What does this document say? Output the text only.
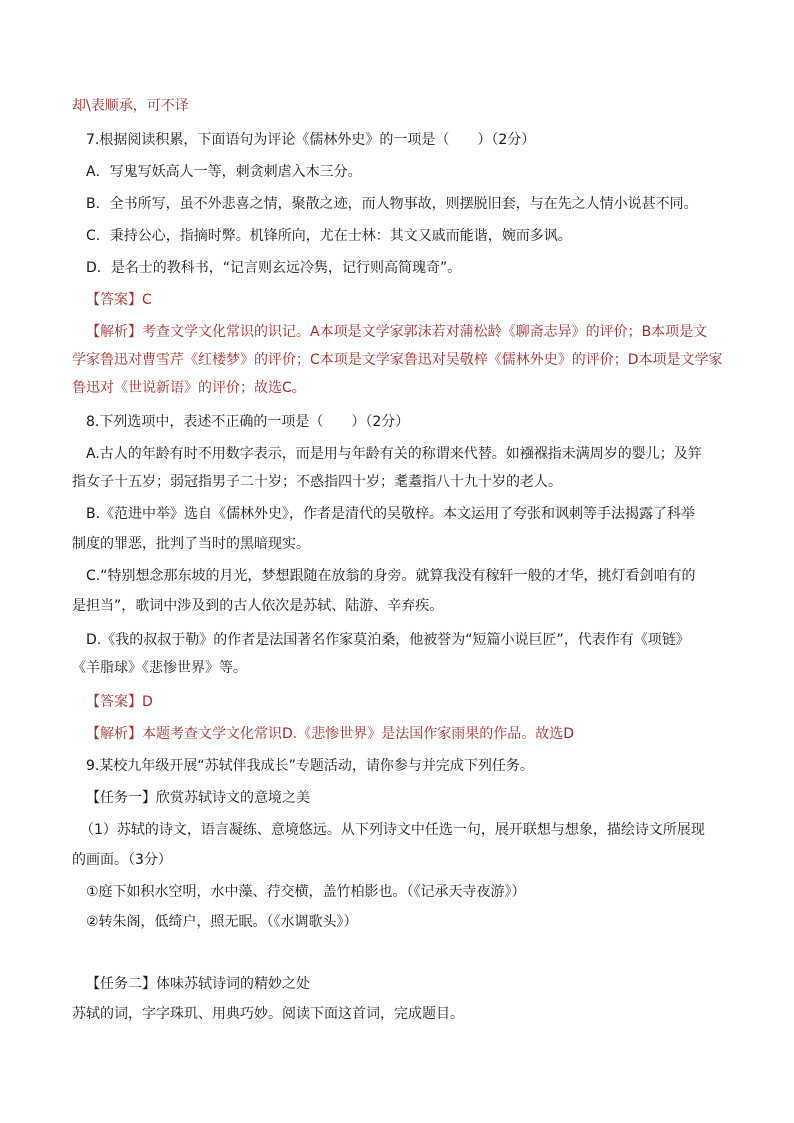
却\表顺承，可不译
7.根据阅读积累，下面语句为评论《儒林外史》的一项是（　　）（2分）
A．写鬼写妖高人一等，刺贪刺虐入木三分。
B．全书所写，虽不外悲喜之情，聚散之迹，而人物事故，则摆脱旧套，与在先之人情小说甚不同。
C．秉持公心，指摘时弊。机锋所向，尤在士林：其文又戚而能谐，婉而多讽。
D．是名士的教科书，“记言则玄远冷隽，记行则高简瑰奇”。
【答案】C
【解析】考查文学文化常识的识记。A本项是文学家郭沫若对蒲松龄《聊斋志异》的评价；B本项是文
学家鲁迅对曹雪芹《红楼梦》的评价；C本项是文学家鲁迅对吴敬梓《儒林外史》的评价；D本项是文学家
鲁迅对《世说新语》的评价；故选C。
8.下列选项中，表述不正确的一项是（　　）（2分）
A.古人的年龄有时不用数字表示，而是用与年龄有关的称谓来代替。如襁褓指未满周岁的婴儿；及笄
指女子十五岁；弱冠指男子二十岁；不惑指四十岁；耄耋指八十九十岁的老人。
B.《范进中举》选自《儒林外史》，作者是清代的吴敬梓。本文运用了夸张和讽刺等手法揭露了科举
制度的罪恶，批判了当时的黑暗现实。
C.“特别想念那东坡的月光，梦想跟随在放翁的身旁。就算我没有稼轩一般的才华，挑灯看剑咱有的
是担当”，歌词中涉及到的古人依次是苏轼、陆游、辛弃疾。
D.《我的叔叔于勒》的作者是法国著名作家莫泊桑，他被誉为“短篇小说巨匠”，代表作有《项链》
《羊脂球》《悲惨世界》等。
【答案】D
【解析】本题考查文学文化常识D.《悲惨世界》是法国作家雨果的作品。故选D
9.某校九年级开展“苏轼伴我成长”专题活动，请你参与并完成下列任务。
【任务一】欣赏苏轼诗文的意境之美
（1）苏轼的诗文，语言凝练、意境悠远。从下列诗文中任选一句，展开联想与想象，描绘诗文所展现
的画面。（3分）
①庭下如积水空明，水中藻、荇交横，盖竹柏影也。（《记承天寺夜游》）
②转朱阁，低绮户，照无眠。（《水调歌头》）
【任务二】体味苏轼诗词的精妙之处
苏轼的词，字字珠玑、用典巧妙。阅读下面这首词，完成题目。
